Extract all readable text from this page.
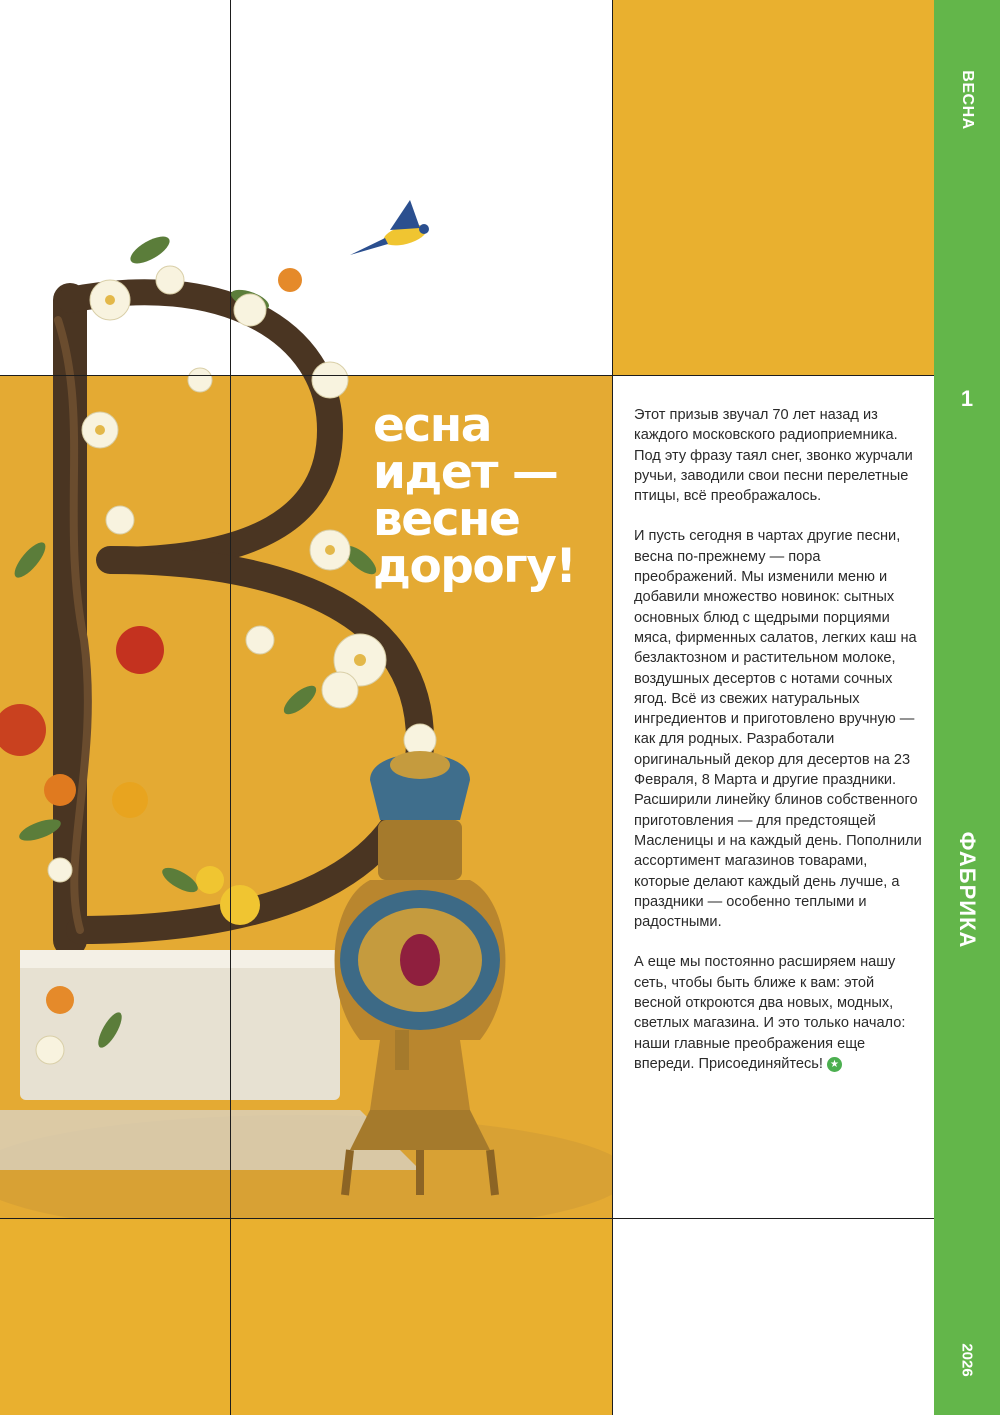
есна
идет —
весне
дорогу!

Этот призыв звучал 70 лет назад из каждого московского радиоприемника. Под эту фразу таял снег, звонко журчали ручьи, заводили свои песни перелетные птицы, всё преображалось.

И пусть сегодня в чартах другие песни, весна по-прежнему — пора преображений. Мы изменили меню и добавили множество новинок: сытных основных блюд с щедрыми порциями мяса, фирменных салатов, легких каш на безлактозном и растительном молоке, воздушных десертов с нотами сочных ягод. Всё из свежих натуральных ингредиентов и приготовлено вручную — как для родных. Разработали оригинальный декор для десертов на 23 Февраля, 8 Марта и другие праздники. Расширили линейку блинов собственного приготовления — для предстоящей Масленицы и на каждый день. Пополнили ассортимент магазинов товарами, которые делают каждый день лучше, а праздники — особенно теплыми и радостными.

А еще мы постоянно расширяем нашу сеть, чтобы быть ближе к вам: этой весной откроются два новых, модных, светлых магазина. И это только начало: наши главные преображения еще впереди. Присоединяйтесь! ★

ВЕСНА
1
ФАБРИКА
2026
